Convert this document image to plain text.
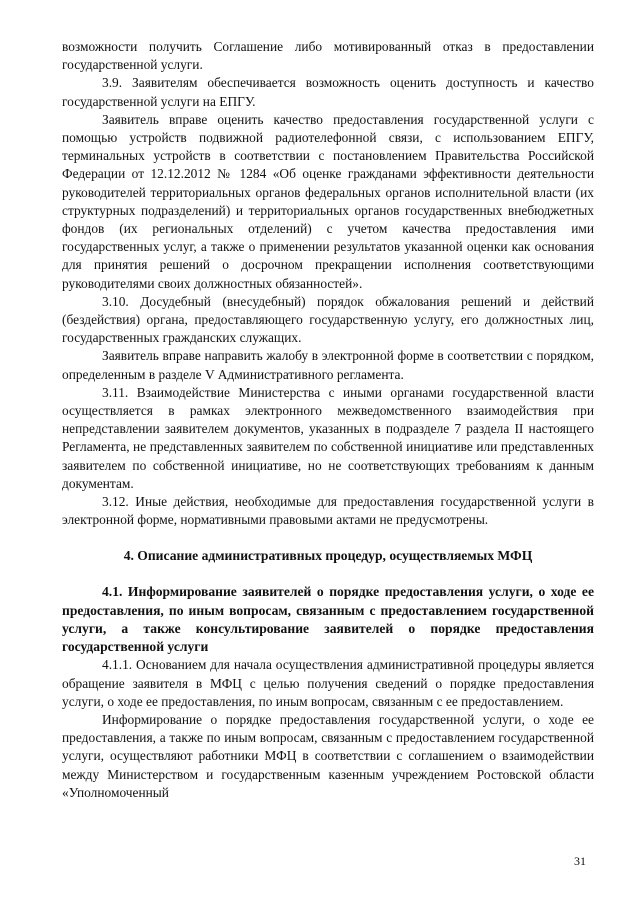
возможности получить Соглашение либо мотивированный отказ в предоставлении государственной услуги.

3.9. Заявителям обеспечивается возможность оценить доступность и качество государственной услуги на ЕПГУ.

Заявитель вправе оценить качество предоставления государственной услуги с помощью устройств подвижной радиотелефонной связи, с использованием ЕПГУ, терминальных устройств в соответствии с постановлением Правительства Российской Федерации от 12.12.2012 № 1284 «Об оценке гражданами эффективности деятельности руководителей территориальных органов федеральных органов исполнительной власти (их структурных подразделений) и территориальных органов государственных внебюджетных фондов (их региональных отделений) с учетом качества предоставления ими государственных услуг, а также о применении результатов указанной оценки как основания для принятия решений о досрочном прекращении исполнения соответствующими руководителями своих должностных обязанностей».

3.10. Досудебный (внесудебный) порядок обжалования решений и действий (бездействия) органа, предоставляющего государственную услугу, его должностных лиц, государственных гражданских служащих.

Заявитель вправе направить жалобу в электронной форме в соответствии с порядком, определенным в разделе V Административного регламента.

3.11. Взаимодействие Министерства с иными органами государственной власти осуществляется в рамках электронного межведомственного взаимодействия при непредставлении заявителем документов, указанных в подразделе 7 раздела II настоящего Регламента, не представленных заявителем по собственной инициативе или представленных заявителем по собственной инициативе, но не соответствующих требованиям к данным документам.

3.12. Иные действия, необходимые для предоставления государственной услуги в электронной форме, нормативными правовыми актами не предусмотрены.

4. Описание административных процедур, осуществляемых МФЦ

4.1. Информирование заявителей о порядке предоставления услуги, о ходе ее предоставления, по иным вопросам, связанным с предоставлением государственной услуги, а также консультирование заявителей о порядке предоставления государственной услуги

4.1.1. Основанием для начала осуществления административной процедуры является обращение заявителя в МФЦ с целью получения сведений о порядке предоставления услуги, о ходе ее предоставления, по иным вопросам, связанным с ее предоставлением.

Информирование о порядке предоставления государственной услуги, о ходе ее предоставления, а также по иным вопросам, связанным с предоставлением государственной услуги, осуществляют работники МФЦ в соответствии с соглашением о взаимодействии между Министерством и государственным казенным учреждением Ростовской области «Уполномоченный

31
